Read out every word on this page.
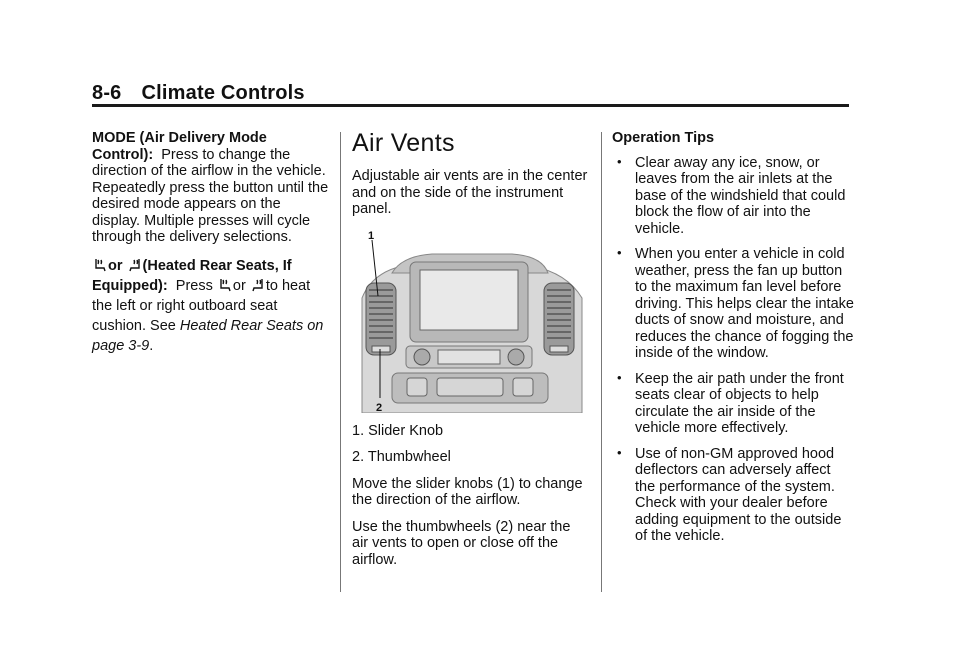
8-6 Climate Controls

MODE (Air Delivery Mode Control): Press to change the direction of the airflow in the vehicle. Repeatedly press the button until the desired mode appears on the display. Multiple presses will cycle through the delivery selections.

or (Heated Rear Seats, If Equipped): Press or to heat the left or right outboard seat cushion. See Heated Rear Seats on page 3-9.

Air Vents

Adjustable air vents are in the center and on the side of the instrument panel.

1
2

1. Slider Knob

2. Thumbwheel

Move the slider knobs (1) to change the direction of the airflow.

Use the thumbwheels (2) near the air vents to open or close off the airflow.

Operation Tips
• Clear away any ice, snow, or leaves from the air inlets at the base of the windshield that could block the flow of air into the vehicle.
• When you enter a vehicle in cold weather, press the fan up button to the maximum fan level before driving. This helps clear the intake ducts of snow and moisture, and reduces the chance of fogging the inside of the window.
• Keep the air path under the front seats clear of objects to help circulate the air inside of the vehicle more effectively.
• Use of non-GM approved hood deflectors can adversely affect the performance of the system. Check with your dealer before adding equipment to the outside of the vehicle.
